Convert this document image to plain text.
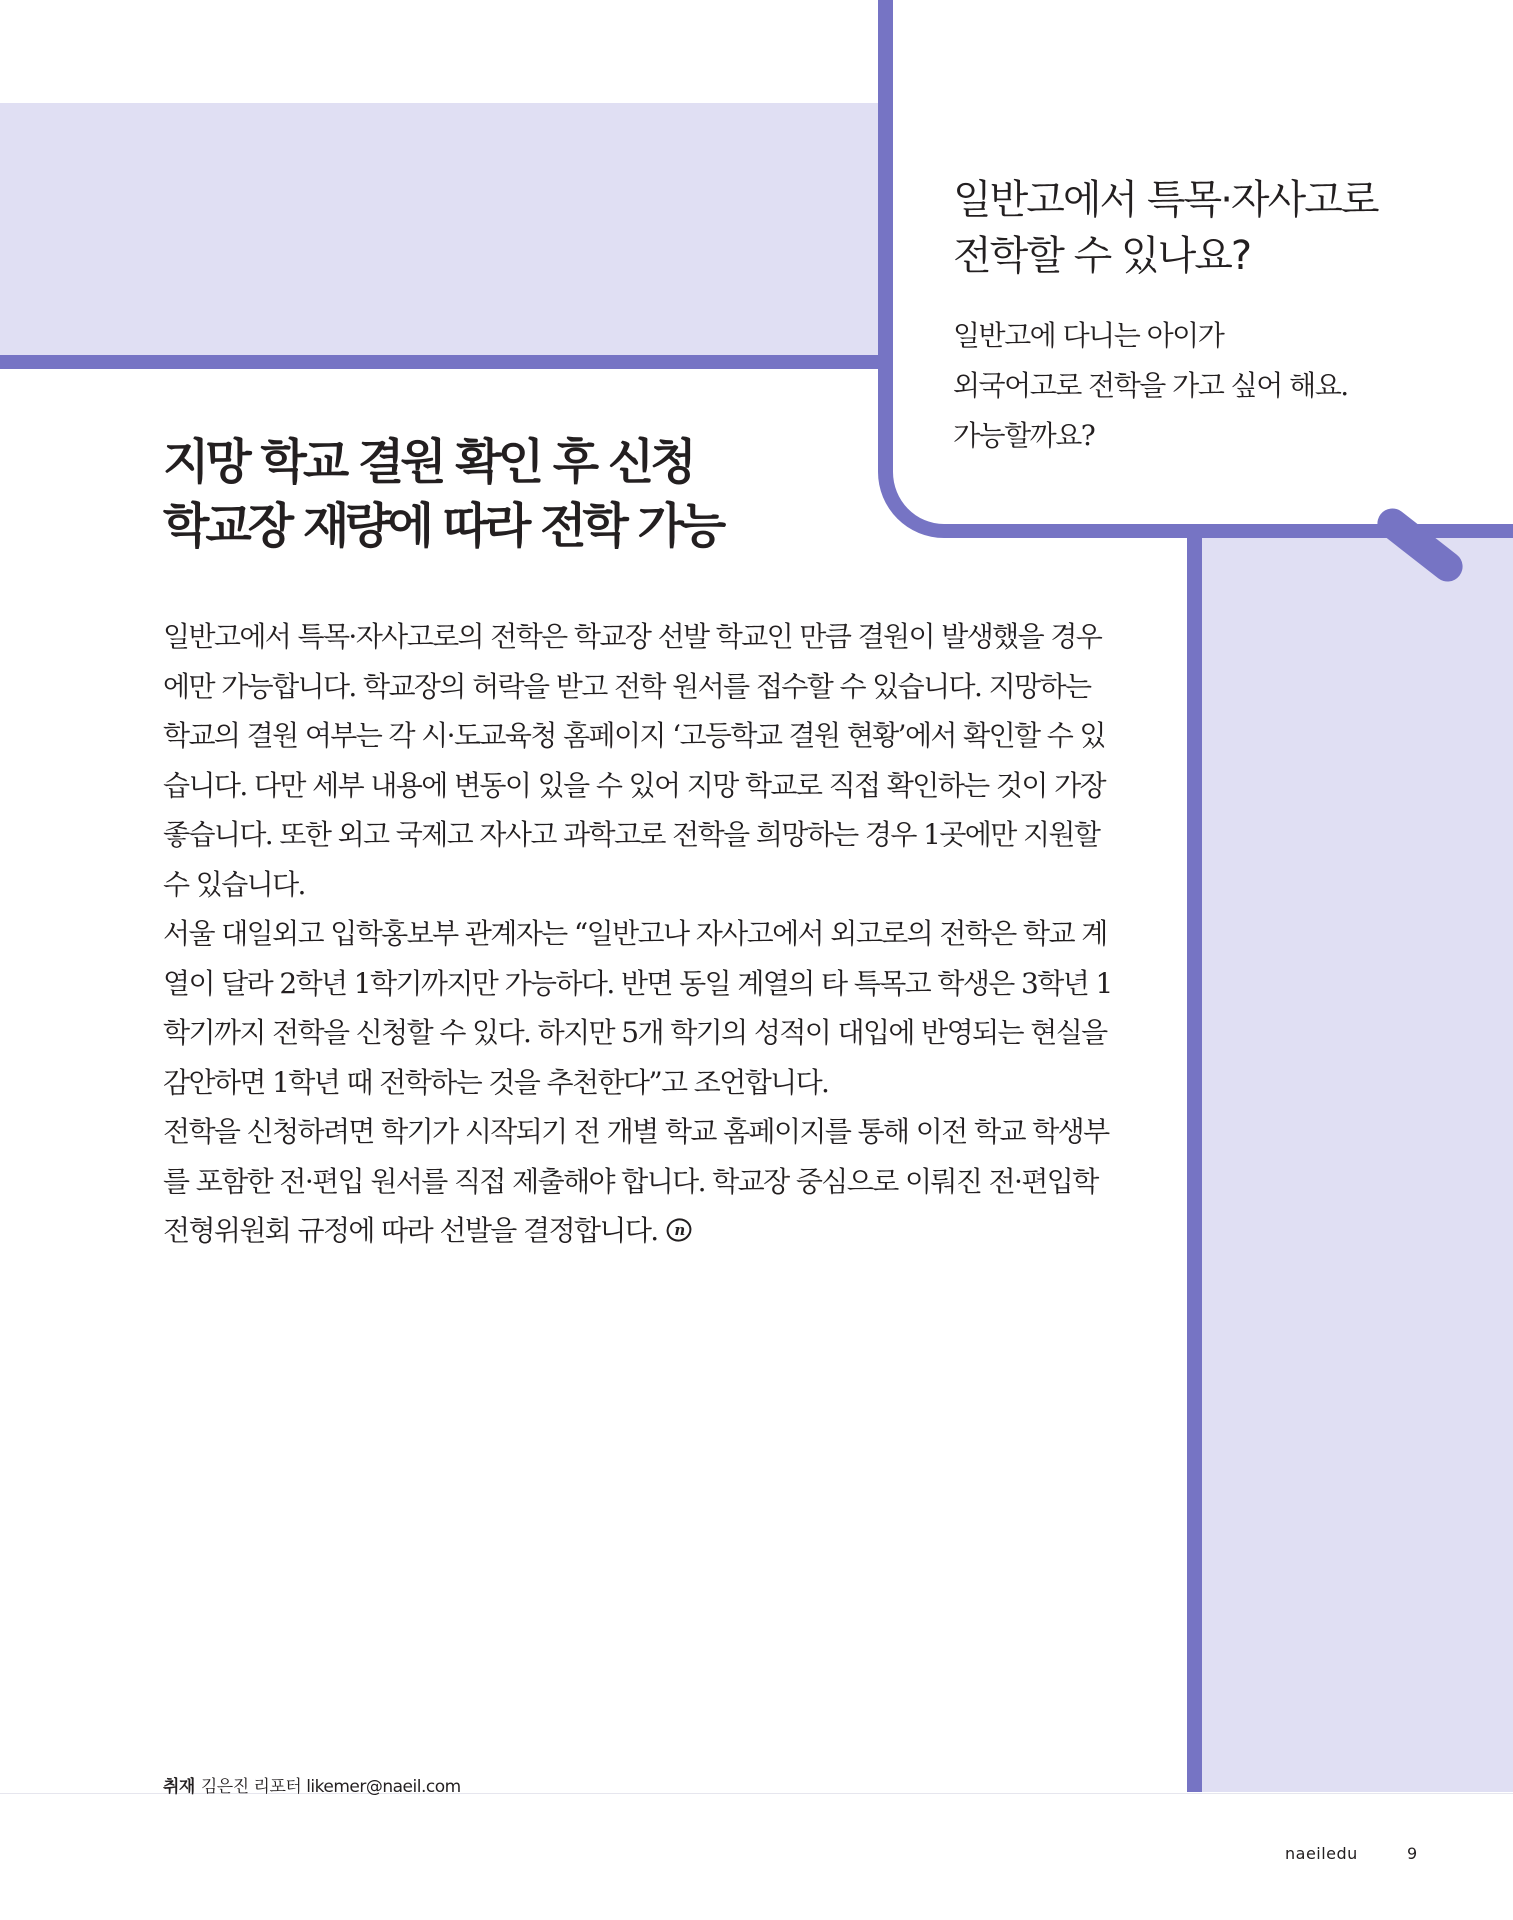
일반고에서 특목·자사고로
전학할 수 있나요?
일반고에 다니는 아이가
외국어고로 전학을 가고 싶어 해요.
가능할까요?
지망 학교 결원 확인 후 신청
학교장 재량에 따라 전학 가능

일반고에서 특목·자사고로의 전학은 학교장 선발 학교인 만큼 결원이 발생했을 경우에만 가능합니다. 학교장의 허락을 받고 전학 원서를 접수할 수 있습니다. 지망하는 학교의 결원 여부는 각 시·도교육청 홈페이지 ‘고등학교 결원 현황’에서 확인할 수 있습니다. 다만 세부 내용에 변동이 있을 수 있어 지망 학교로 직접 확인하는 것이 가장 좋습니다. 또한 외고 국제고 자사고 과학고로 전학을 희망하는 경우 1곳에만 지원할 수 있습니다.

서울 대일외고 입학홍보부 관계자는 “일반고나 자사고에서 외고로의 전학은 학교 계열이 달라 2학년 1학기까지만 가능하다. 반면 동일 계열의 타 특목고 학생은 3학년 1학기까지 전학을 신청할 수 있다. 하지만 5개 학기의 성적이 대입에 반영되는 현실을 감안하면 1학년 때 전학하는 것을 추천한다”고 조언합니다.

전학을 신청하려면 학기가 시작되기 전 개별 학교 홈페이지를 통해 이전 학교 학생부를 포함한 전·편입 원서를 직접 제출해야 합니다. 학교장 중심으로 이뤄진 전·편입학 전형위원회 규정에 따라 선발을 결정합니다. n

취재 김은진 리포터 likemer@naeil.com
naeiledu	9
